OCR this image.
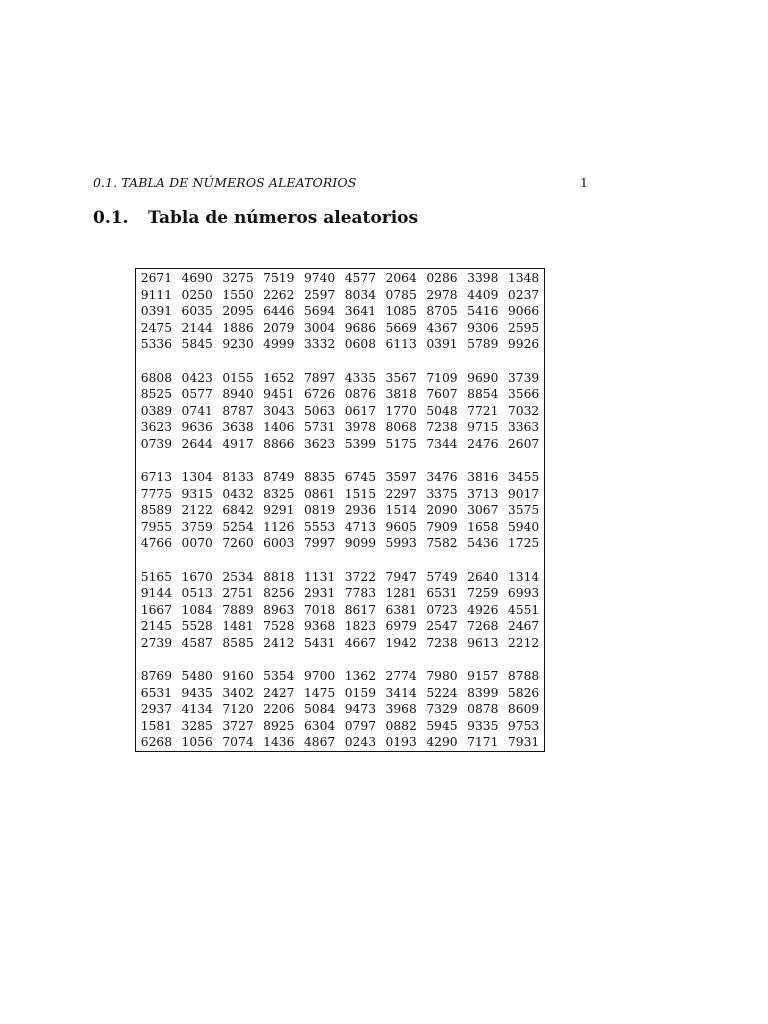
0.1. TABLA DE NÚMEROS ALEATORIOS	1
0.1. Tabla de números aleatorios
2671 4690 3275 7519 9740 4577 2064 0286 3398 1348
9111 0250 1550 2262 2597 8034 0785 2978 4409 0237
0391 6035 2095 6446 5694 3641 1085 8705 5416 9066
2475 2144 1886 2079 3004 9686 5669 4367 9306 2595
5336 5845 9230 4999 3332 0608 6113 0391 5789 9926
6808 0423 0155 1652 7897 4335 3567 7109 9690 3739
8525 0577 8940 9451 6726 0876 3818 7607 8854 3566
0389 0741 8787 3043 5063 0617 1770 5048 7721 7032
3623 9636 3638 1406 5731 3978 8068 7238 9715 3363
0739 2644 4917 8866 3623 5399 5175 7344 2476 2607
6713 1304 8133 8749 8835 6745 3597 3476 3816 3455
7775 9315 0432 8325 0861 1515 2297 3375 3713 9017
8589 2122 6842 9291 0819 2936 1514 2090 3067 3575
7955 3759 5254 1126 5553 4713 9605 7909 1658 5940
4766 0070 7260 6003 7997 9099 5993 7582 5436 1725
5165 1670 2534 8818 1131 3722 7947 5749 2640 1314
9144 0513 2751 8256 2931 7783 1281 6531 7259 6993
1667 1084 7889 8963 7018 8617 6381 0723 4926 4551
2145 5528 1481 7528 9368 1823 6979 2547 7268 2467
2739 4587 8585 2412 5431 4667 1942 7238 9613 2212
8769 5480 9160 5354 9700 1362 2774 7980 9157 8788
6531 9435 3402 2427 1475 0159 3414 5224 8399 5826
2937 4134 7120 2206 5084 9473 3968 7329 0878 8609
1581 3285 3727 8925 6304 0797 0882 5945 9335 9753
6268 1056 7074 1436 4867 0243 0193 4290 7171 7931
